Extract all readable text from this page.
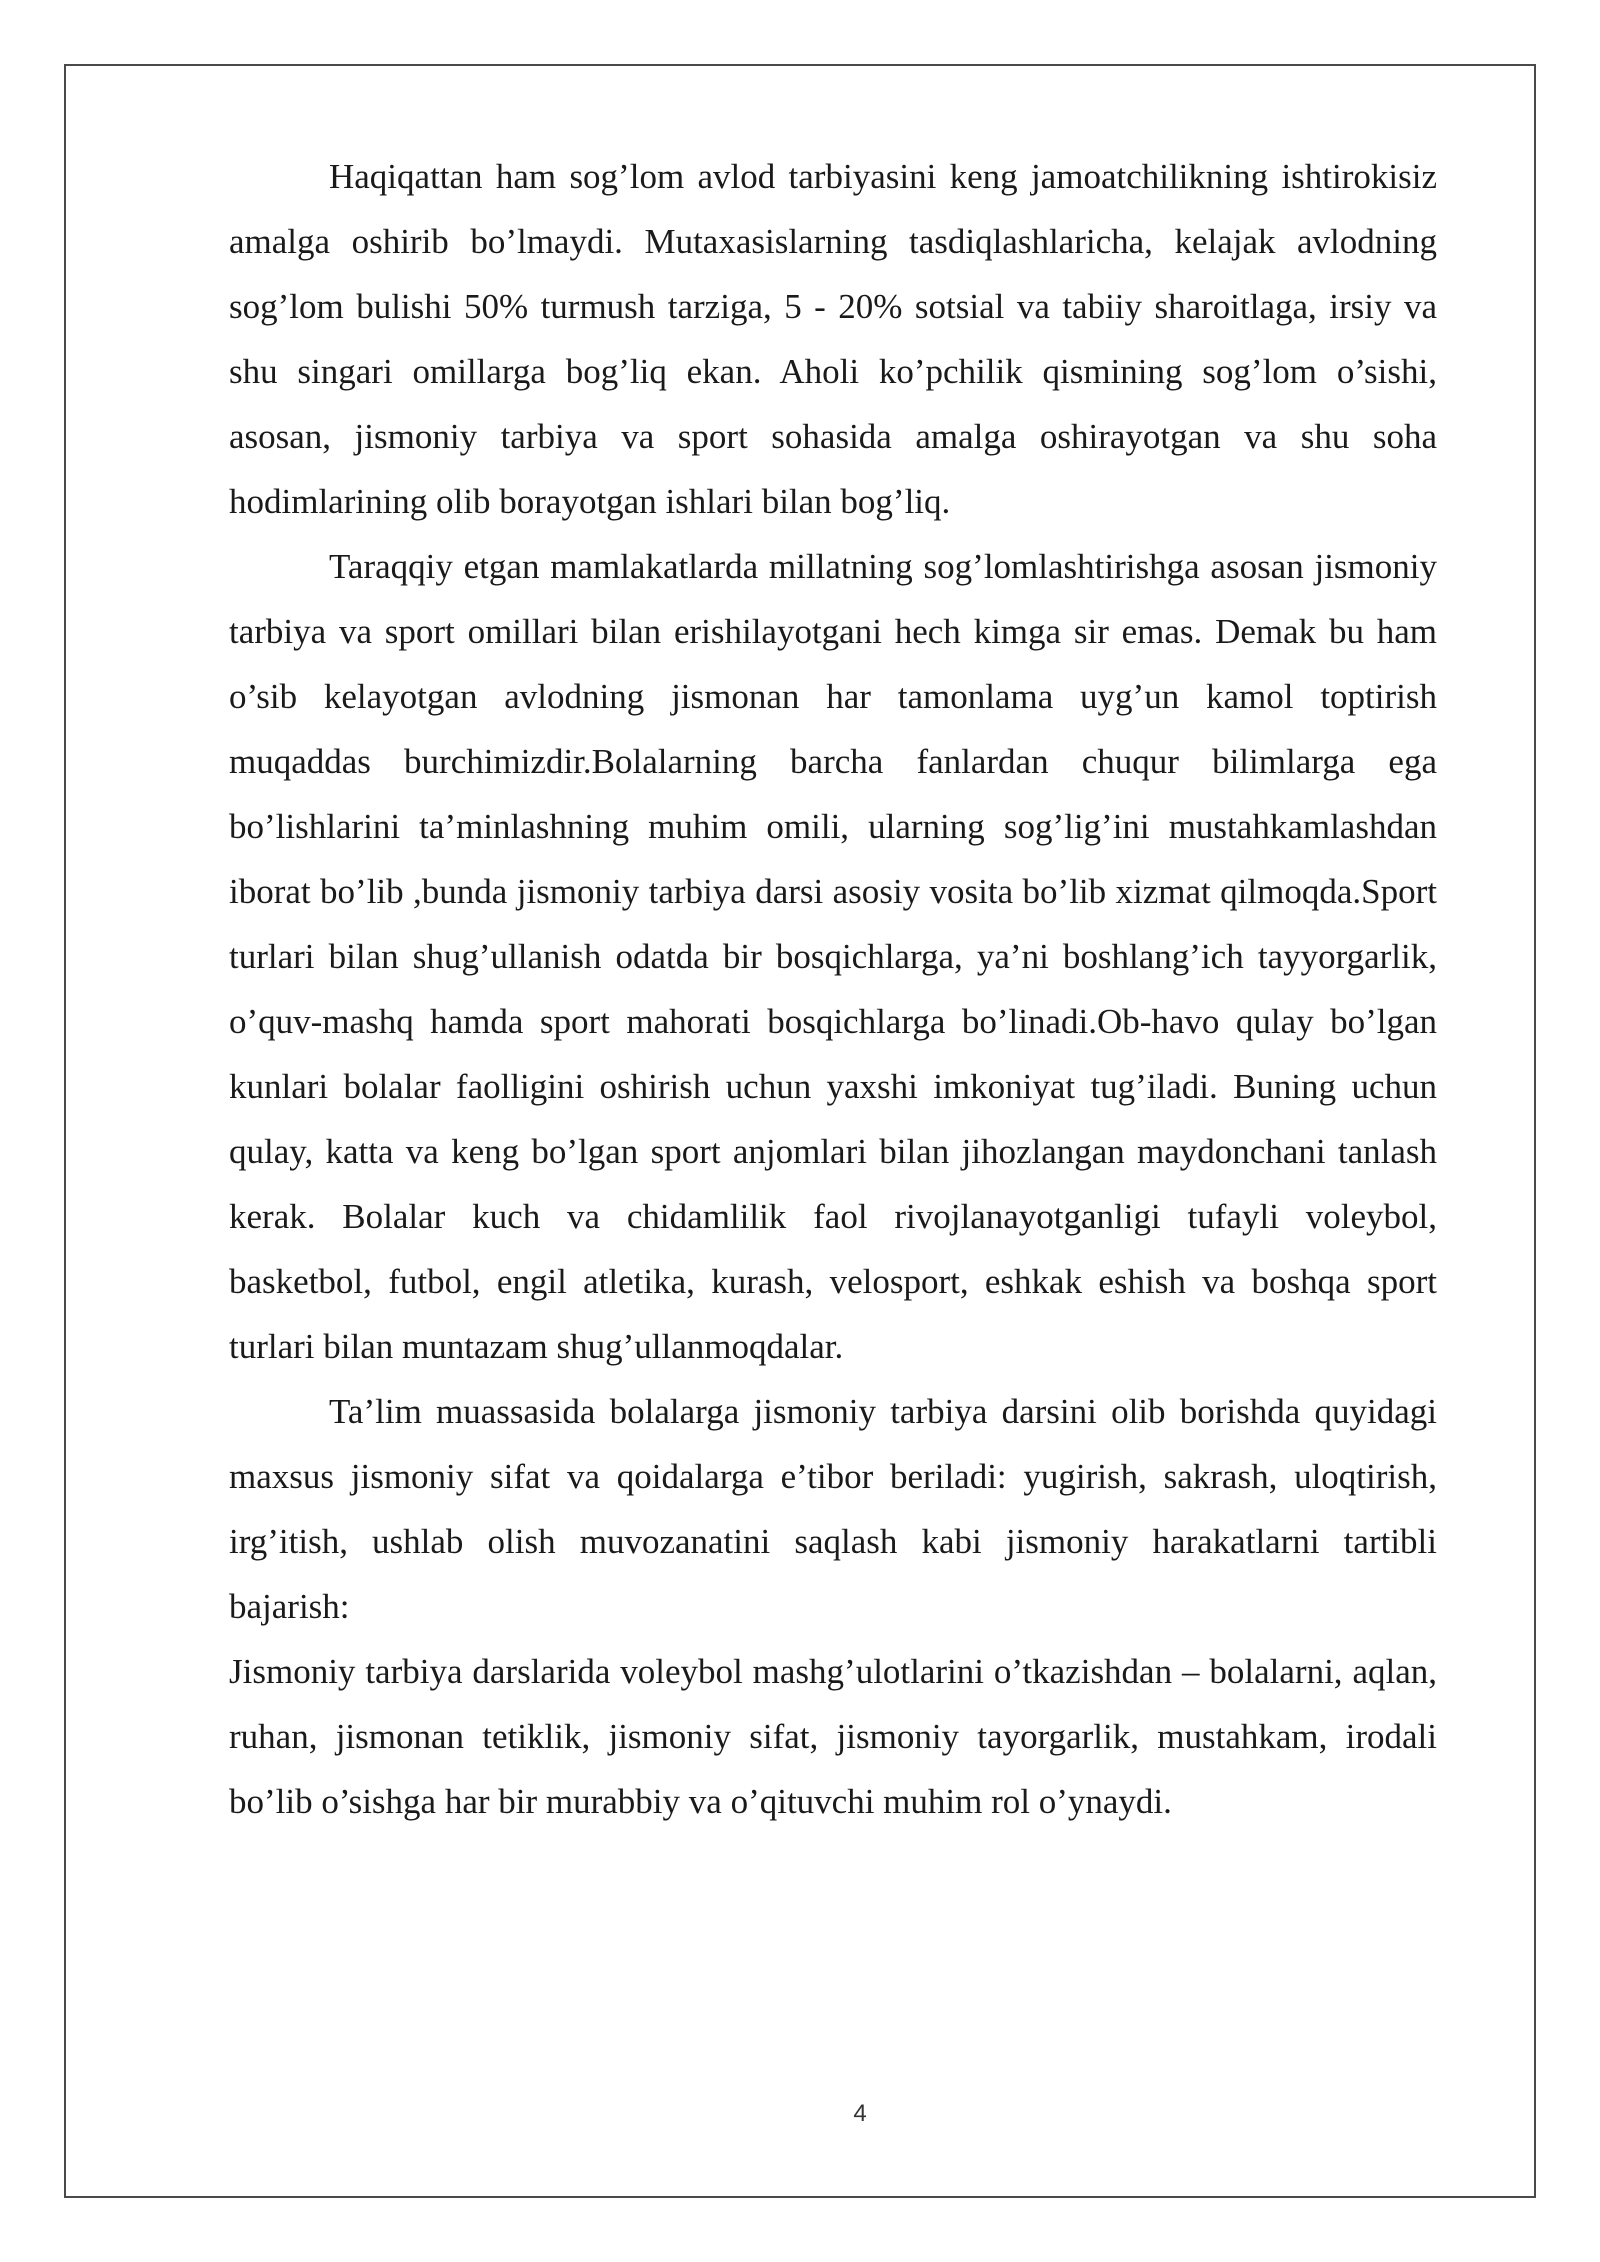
Haqiqattan ham sog’lom avlod tarbiyasini keng jamoatchilikning ishtirokisiz amalga oshirib bo’lmaydi. Mutaxasislarning tasdiqlashlaricha, kelajak avlodning sog’lom bulishi 50% turmush tarziga, 5 - 20% sotsial va tabiiy sharoitlaga, irsiy va shu singari omillarga bog’liq ekan. Aholi ko’pchilik qismining sog’lom o’sishi, asosan, jismoniy tarbiya va sport sohasida amalga oshirayotgan va shu soha hodimlarining olib borayotgan ishlari bilan bog’liq.

Taraqqiy etgan mamlakatlarda millatning sog’lomlashtirishga asosan jismoniy tarbiya va sport omillari bilan erishilayotgani hech kimga sir emas. Demak bu ham o’sib kelayotgan avlodning jismonan har tamonlama uyg’un kamol toptirish muqaddas burchimizdir.Bolalarning barcha fanlardan chuqur bilimlarga ega bo’lishlarini ta’minlashning muhim omili, ularning sog’lig’ini mustahkamlashdan iborat bo’lib ,bunda jismoniy tarbiya darsi asosiy vosita bo’lib xizmat qilmoqda.Sport turlari bilan shug’ullanish odatda bir bosqichlarga, ya’ni boshlang’ich tayyorgarlik, o’quv-mashq hamda sport mahorati bosqichlarga bo’linadi.Ob-havo qulay bo’lgan kunlari bolalar faolligini oshirish uchun yaxshi imkoniyat tug’iladi. Buning uchun qulay, katta va keng bo’lgan sport anjomlari bilan jihozlangan maydonchani tanlash kerak. Bolalar kuch va chidamlilik faol rivojlanayotganligi tufayli voleybol, basketbol, futbol, engil atletika, kurash, velosport, eshkak eshish va boshqa sport turlari bilan muntazam shug’ullanmoqdalar.

Ta’lim muassasida bolalarga jismoniy tarbiya darsini olib borishda quyidagi maxsus jismoniy sifat va qoidalarga e’tibor beriladi: yugirish, sakrash, uloqtirish, irg’itish, ushlab olish muvozanatini saqlash kabi jismoniy harakatlarni tartibli bajarish:

Jismoniy tarbiya darslarida voleybol mashg’ulotlarini o’tkazishdan – bolalarni, aqlan, ruhan, jismonan tetiklik, jismoniy sifat, jismoniy tayorgarlik, mustahkam, irodali bo’lib o’sishga har bir murabbiy va o’qituvchi muhim rol o’ynaydi.

4
